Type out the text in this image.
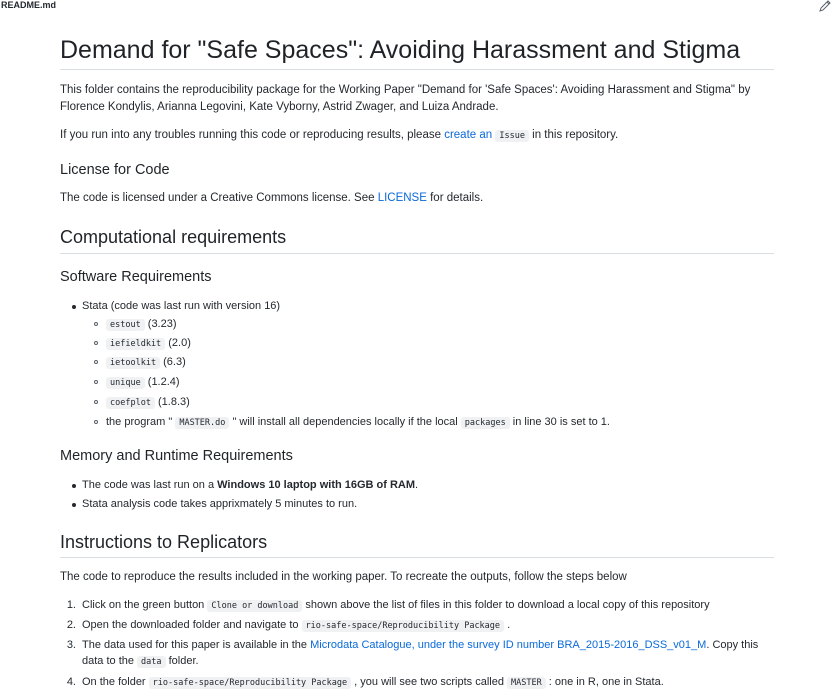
README.md
Demand for "Safe Spaces": Avoiding Harassment and Stigma

This folder contains the reproducibility package for the Working Paper "Demand for 'Safe Spaces': Avoiding Harassment and Stigma" by

Florence Kondylis, Arianna Legovini, Kate Vyborny, Astrid Zwager, and Luiza Andrade.

If you run into any troubles running this code or reproducing results, please create an Issue in this repository.

License for Code

The code is licensed under a Creative Commons license. See LICENSE for details.

Computational requirements
Software Requirements
Stata (code was last run with version 16)
estout (3.23)
iefieldkit (2.0)
ietoolkit (6.3)
unique (1.2.4)
coefplot (1.8.3)
the program " MASTER.do " will install all dependencies locally if the local packages in line 30 is set to 1.
Memory and Runtime Requirements
The code was last run on a Windows 10 laptop with 16GB of RAM.
Stata analysis code takes apprixmately 5 minutes to run.
Instructions to Replicators

The code to reproduce the results included in the working paper. To recreate the outputs, follow the steps below

1. Click on the green button Clone or download shown above the list of files in this folder to download a local copy of this repository
2. Open the downloaded folder and navigate to rio-safe-space/Reproducibility Package .
3. The data used for this paper is available in the Microdata Catalogue, under the survey ID number BRA_2015-2016_DSS_v01_M. Copy this
data to the data folder.
4. On the folder rio-safe-space/Reproducibility Package , you will see two scripts called MASTER : one in R, one in Stata.
